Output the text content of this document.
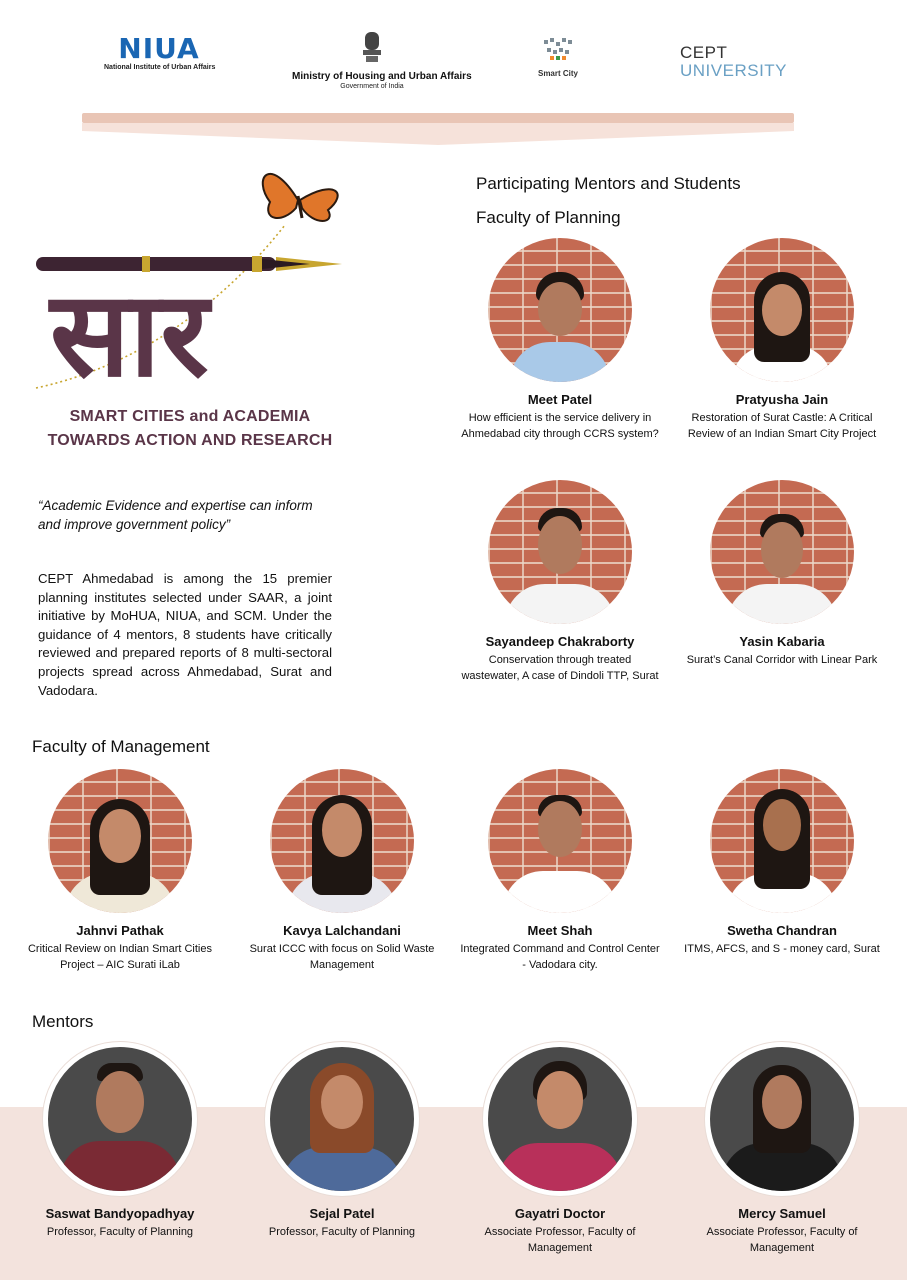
NIUA
National Institute of Urban Affairs
Ministry of Housing and Urban Affairs
Government of India
Smart City
CEPT
UNIVERSITY
सार
SMART CITIES and ACADEMIA
TOWARDS ACTION AND RESEARCH
“Academic Evidence and expertise can inform and improve government policy”
CEPT Ahmedabad is among the 15 premier planning institutes selected under SAAR, a joint initiative by MoHUA, NIUA, and SCM. Under the guidance of 4 mentors, 8 students have critically reviewed and prepared reports of 8 multi-sectoral projects spread across Ahmedabad, Surat and Vadodara.
Participating Mentors and Students
Faculty of Planning
Faculty of Management
Mentors
Meet Patel
How efficient is the service delivery in Ahmedabad city through CCRS system?
Pratyusha Jain
Restoration of Surat Castle: A Critical Review of an Indian Smart City Project
Sayandeep Chakraborty
Conservation through treated wastewater, A case of Dindoli TTP, Surat
Yasin Kabaria
Surat’s Canal Corridor with Linear Park
Jahnvi Pathak
Critical Review on Indian Smart Cities Project – AIC Surati iLab
Kavya Lalchandani
Surat ICCC with focus on Solid Waste Management
Meet Shah
Integrated Command and Control Center - Vadodara city.
Swetha Chandran
ITMS, AFCS, and S - money card, Surat
Saswat Bandyopadhyay
Professor, Faculty of Planning
Sejal Patel
Professor, Faculty of Planning
Gayatri Doctor
Associate Professor, Faculty of Management
Mercy Samuel
Associate Professor, Faculty of Management
